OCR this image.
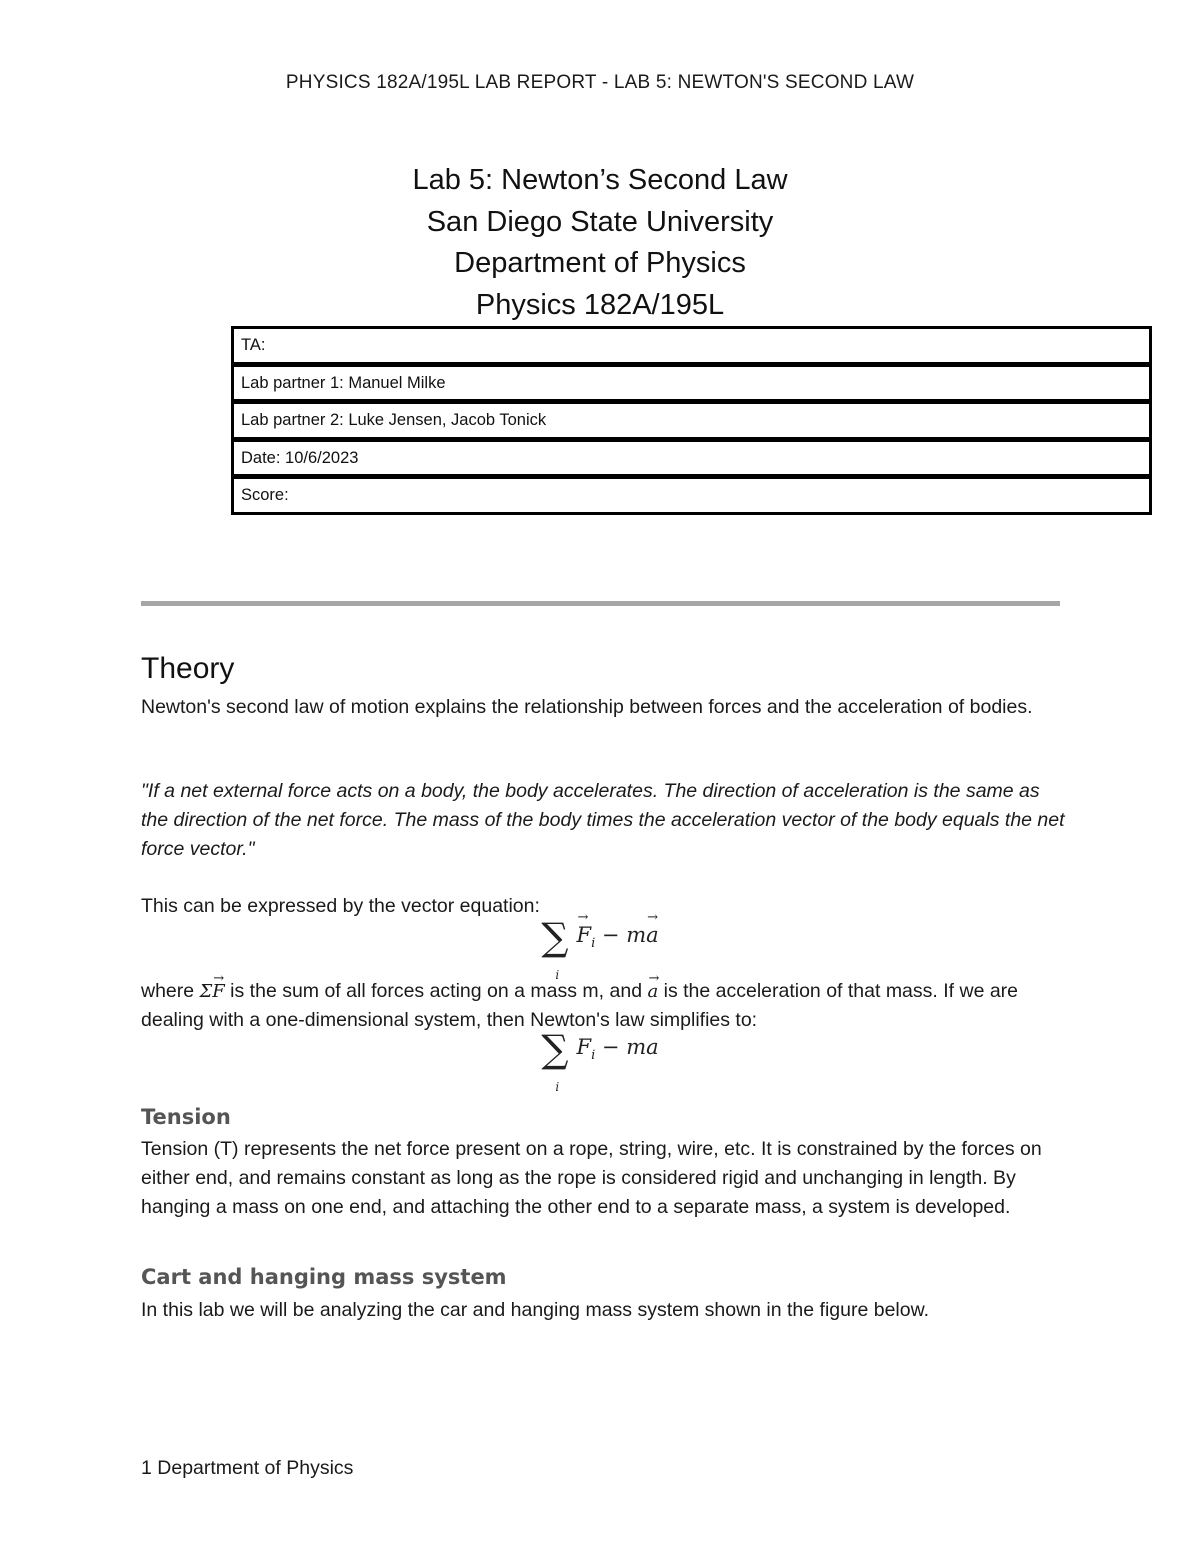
PHYSICS 182A/195L LAB REPORT - LAB 5: NEWTON'S SECOND LAW
Lab 5: Newton’s Second Law
San Diego State University
Department of Physics
Physics 182A/195L
TA:
Lab partner 1: Manuel Milke
Lab partner 2: Luke Jensen, Jacob Tonick
Date: 10/6/2023
Score:
Theory
Newton's second law of motion explains the relationship between forces and the acceleration of bodies.
"If a net external force acts on a body, the body accelerates. The direction of acceleration is the same as the direction of the net force. The mass of the body times the acceleration vector of the body equals the net force vector."
This can be expressed by the vector equation:
∑
i
→ $F_i - m\to a$
where Σ→ F is the sum of all forces acting on a mass m, and → a is the acceleration of that mass. If we are dealing with a one-dimensional system, then Newton's law simplifies to:
∑
i
$F_i$ − ma
Tension
Tension (T) represents the net force present on a rope, string, wire, etc. It is constrained by the forces on either end, and remains constant as long as the rope is considered rigid and unchanging in length. By hanging a mass on one end, and attaching the other end to a separate mass, a system is developed.
Cart and hanging mass system
In this lab we will be analyzing the car and hanging mass system shown in the figure below.
1 Department of Physics
